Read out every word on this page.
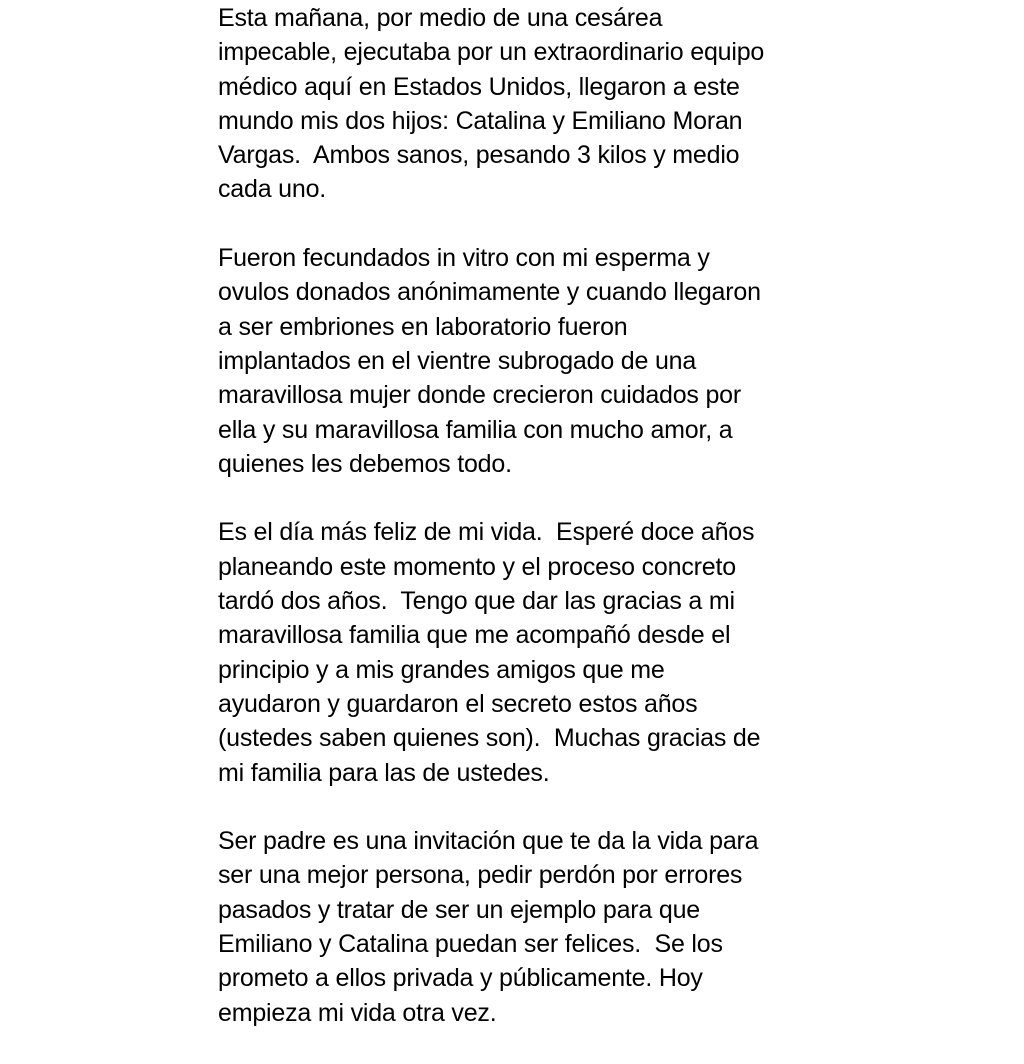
Esta mañana, por medio de una cesárea
impecable, ejecutaba por un extraordinario equipo
médico aquí en Estados Unidos, llegaron a este
mundo mis dos hijos: Catalina y Emiliano Moran
Vargas.  Ambos sanos, pesando 3 kilos y medio
cada uno.

Fueron fecundados in vitro con mi esperma y
ovulos donados anónimamente y cuando llegaron
a ser embriones en laboratorio fueron
implantados en el vientre subrogado de una
maravillosa mujer donde crecieron cuidados por
ella y su maravillosa familia con mucho amor, a
quienes les debemos todo.

Es el día más feliz de mi vida.  Esperé doce años
planeando este momento y el proceso concreto
tardó dos años.  Tengo que dar las gracias a mi
maravillosa familia que me acompañó desde el
principio y a mis grandes amigos que me
ayudaron y guardaron el secreto estos años
(ustedes saben quienes son).  Muchas gracias de
mi familia para las de ustedes.

Ser padre es una invitación que te da la vida para
ser una mejor persona, pedir perdón por errores
pasados y tratar de ser un ejemplo para que
Emiliano y Catalina puedan ser felices.  Se los
prometo a ellos privada y públicamente. Hoy
empieza mi vida otra vez.
